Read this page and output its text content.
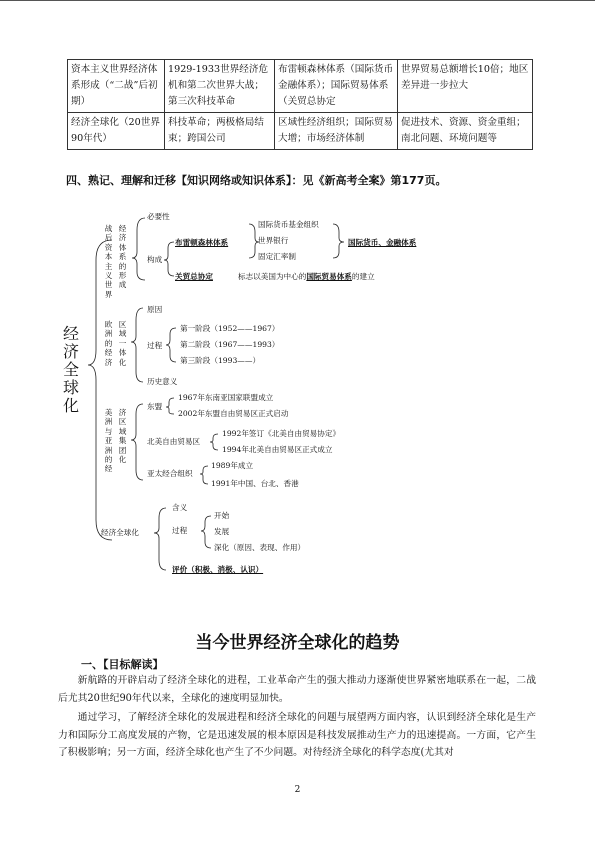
资本主义世界经济体系形成（“二战”后初期）	1929-1933世界经济危机和第二次世界大战；第三次科技革命	布雷顿森林体系（国际货币金融体系）；国际贸易体系（关贸总协定	世界贸易总额增长10倍；地区差异进一步拉大
经济全球化（20世界90年代）	科技革命；两极格局结束；跨国公司	区域性经济组织；国际贸易大增；市场经济体制	促进技术、资源、资金重组；南北问题、环境问题等
四、熟记、理解和迁移【知识网络或知识体系】：见《新高考全案》第177页。
经济全球化
战后资本主义世界
经济体系的形成
必要性
构成
布雷顿森林体系
国际货币基金组织
世界银行
固定汇率制
国际货币、金融体系
关贸总协定	标志以美国为中心的国际贸易体系的建立
欧洲的经济
区域一体化
原因
过程
第一阶段（1952——1967）
第二阶段（1967——1993）
第三阶段（1993——）
历史意义
美洲与亚洲的经
济区域集团化
东盟
1967年东南亚国家联盟成立
2002年东盟自由贸易区正式启动
北美自由贸易区
1992年签订《北美自由贸易协定》
1994年北美自由贸易区正式成立
亚太经合组织
1989年成立
1991年中国、台北、香港
经济全球化
含义
过程
开始
发展
深化（原因、表现、作用）
评价（积极、消极、认识）
当今世界经济全球化的趋势
一、【目标解读】
新航路的开辟启动了经济全球化的进程，工业革命产生的强大推动力逐渐使世界紧密地联系在一起，二战后尤其20世纪90年代以来，全球化的速度明显加快。
通过学习，了解经济全球化的发展进程和经济全球化的问题与展望两方面内容，认识到经济全球化是生产力和国际分工高度发展的产物，它是迅速发展的根本原因是科技发展推动生产力的迅速提高。一方面，它产生了积极影响；另一方面，经济全球化也产生了不少问题。对待经济全球化的科学态度(尤其对
2
